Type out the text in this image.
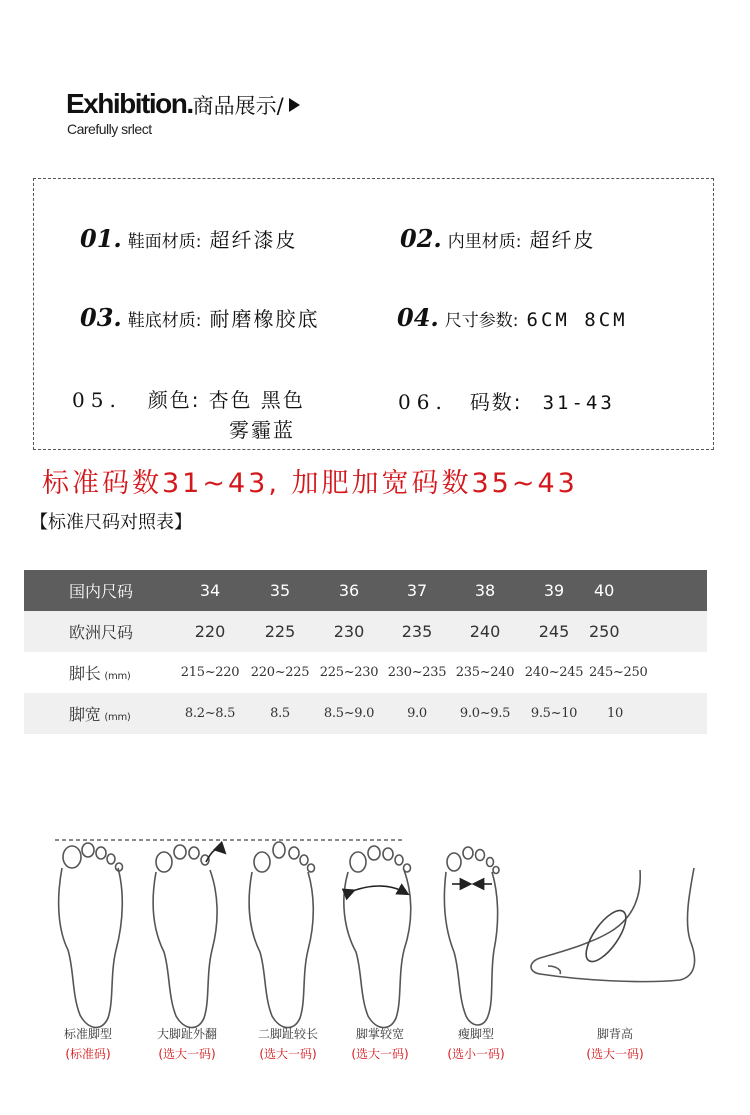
Exhibition.商品展示/
Carefully srlect
01. 鞋面材质: 超纤漆皮	02. 内里材质: 超纤皮
03. 鞋底材质: 耐磨橡胶底	04. 尺寸参数: 6CM 8CM
05. 颜色: 杏色 黑色
雾霾蓝
06. 码数: 31-43
标准码数31~43, 加肥加宽码数35~43
【标准尺码对照表】
国内尺码	34	35	36	37	38	39	40
欧洲尺码	220	225	230	235	240	245	250
脚长 (mm)	215~220	220~225	225~230	230~235	235~240	240~245	245~250
脚宽 (mm)	8.2~8.5	8.5	8.5~9.0	9.0	9.0~9.5	9.5~10	10
标准脚型
(标准码)
大脚趾外翻
(选大一码)
二脚趾较长
(选大一码)
脚掌较宽
(选大一码)
瘦脚型
(选小一码)
脚背高
(选大一码)
